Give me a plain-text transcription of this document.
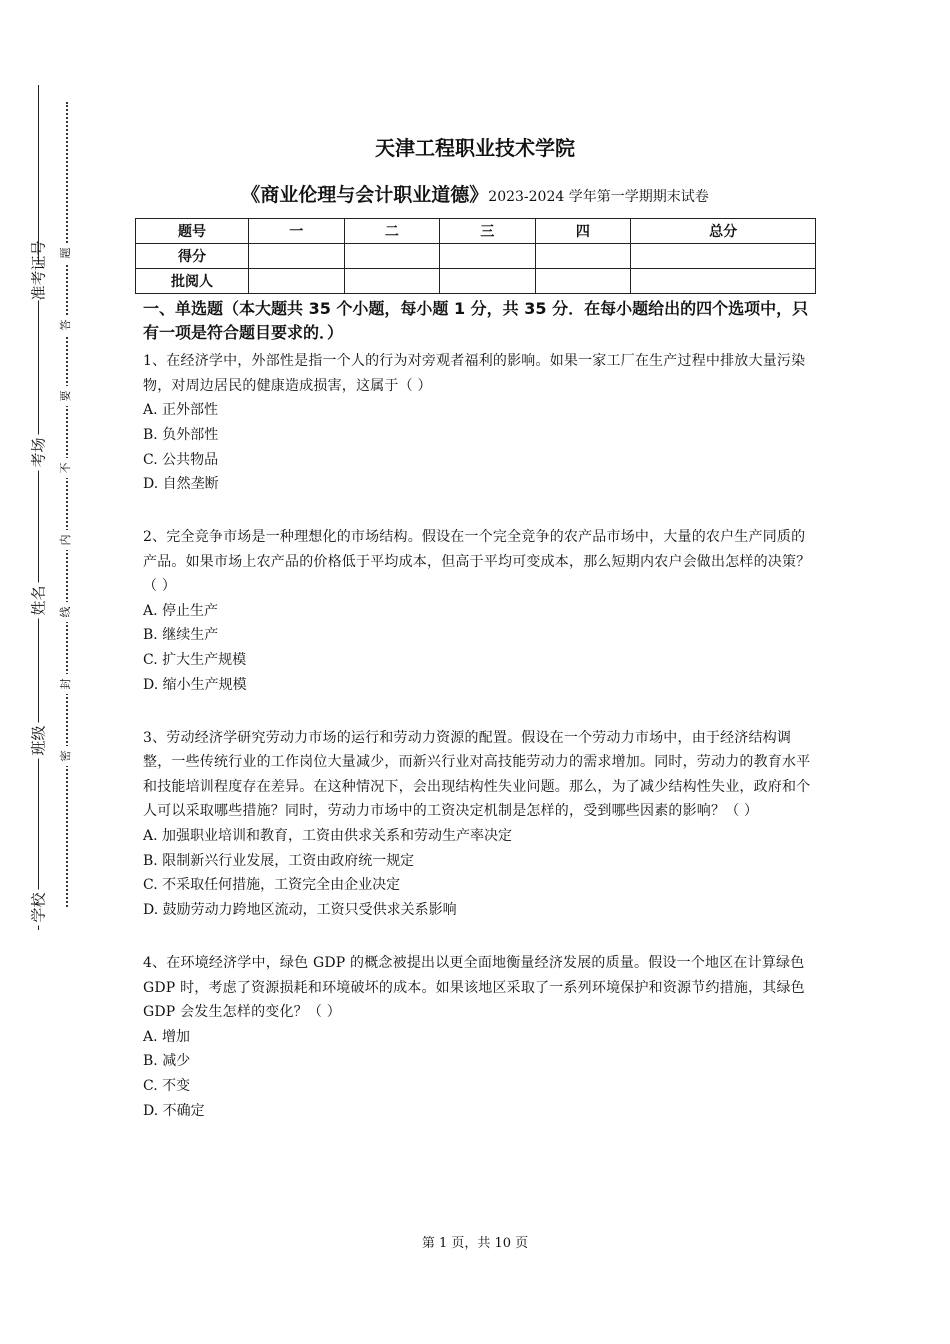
准考证号
考场
姓名
班级
学校
题
答
要
不
内
线
封
密
天津工程职业技术学院
《商业伦理与会计职业道德》2023-2024 学年第一学期期末试卷
题号	一	二	三	四	总分
得分					
批阅人					
一、单选题（本大题共 35 个小题，每小题 1 分，共 35 分．在每小题给出的四个选项中，只有一项是符合题目要求的．）
1、在经济学中，外部性是指一个人的行为对旁观者福利的影响。如果一家工厂在生产过程中排放大量污染物，对周边居民的健康造成损害，这属于（ ）
A. 正外部性
B. 负外部性
C. 公共物品
D. 自然垄断
2、完全竞争市场是一种理想化的市场结构。假设在一个完全竞争的农产品市场中，大量的农户生产同质的产品。如果市场上农产品的价格低于平均成本，但高于平均可变成本，那么短期内农户会做出怎样的决策？（ ）
A. 停止生产
B. 继续生产
C. 扩大生产规模
D. 缩小生产规模
3、劳动经济学研究劳动力市场的运行和劳动力资源的配置。假设在一个劳动力市场中，由于经济结构调整，一些传统行业的工作岗位大量减少，而新兴行业对高技能劳动力的需求增加。同时，劳动力的教育水平和技能培训程度存在差异。在这种情况下，会出现结构性失业问题。那么，为了减少结构性失业，政府和个人可以采取哪些措施？同时，劳动力市场中的工资决定机制是怎样的，受到哪些因素的影响？（ ）
A. 加强职业培训和教育，工资由供求关系和劳动生产率决定
B. 限制新兴行业发展，工资由政府统一规定
C. 不采取任何措施，工资完全由企业决定
D. 鼓励劳动力跨地区流动，工资只受供求关系影响
4、在环境经济学中，绿色 GDP 的概念被提出以更全面地衡量经济发展的质量。假设一个地区在计算绿色 GDP 时，考虑了资源损耗和环境破坏的成本。如果该地区采取了一系列环境保护和资源节约措施，其绿色 GDP 会发生怎样的变化？（ ）
A. 增加
B. 减少
C. 不变
D. 不确定
第 1 页，共 10 页
